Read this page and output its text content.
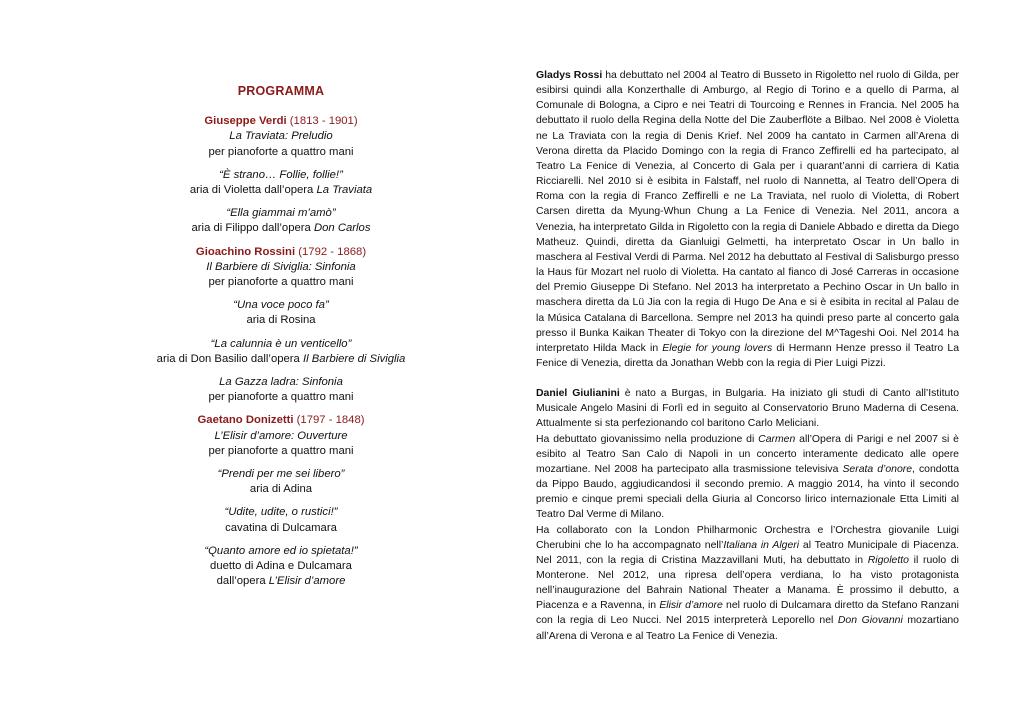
PROGRAMMA
Giuseppe Verdi (1813 - 1901)
La Traviata: Preludio
per pianoforte a quattro mani
“È strano… Follie, follie!”
aria di Violetta dall’opera La Traviata
“Ella giammai m’amò”
aria di Filippo dall’opera Don Carlos
Gioachino Rossini (1792 - 1868)
Il Barbiere di Siviglia: Sinfonia
per pianoforte a quattro mani
“Una voce poco fa”
aria di Rosina
“La calunnia è un venticello”
aria di Don Basilio dall’opera Il Barbiere di Siviglia
La Gazza ladra: Sinfonia
per pianoforte a quattro mani
Gaetano Donizetti (1797 - 1848)
L’Elisir d’amore: Ouverture
per pianoforte a quattro mani
“Prendi per me sei libero”
aria di Adina
“Udite, udite, o rustici!”
cavatina di Dulcamara
“Quanto amore ed io spietata!”
duetto di Adina e Dulcamara
dall’opera L’Elisir d’amore

Gladys Rossi ha debuttato nel 2004 al Teatro di Busseto in Rigoletto nel ruolo di Gilda, per esibirsi quindi alla Konzerthalle di Amburgo, al Regio di Torino e a quello di Parma, al Comunale di Bologna, a Cipro e nei Teatri di Tourcoing e Rennes in Francia. Nel 2005 ha debuttato il ruolo della Regina della Notte del Die Zauberflöte a Bilbao. Nel 2008 è Violetta ne La Traviata con la regia di Denis Krief. Nel 2009 ha cantato in Carmen all’Arena di Verona diretta da Placido Domingo con la regia di Franco Zeffirelli ed ha partecipato, al Teatro La Fenice di Venezia, al Concerto di Gala per i quarant’anni di carriera di Katia Ricciarelli. Nel 2010 si è esibita in Falstaff, nel ruolo di Nannetta, al Teatro dell’Opera di Roma con la regia di Franco Zeffirelli e ne La Traviata, nel ruolo di Violetta, di Robert Carsen diretta da Myung-Whun Chung a La Fenice di Venezia. Nel 2011, ancora a Venezia, ha interpretato Gilda in Rigoletto con la regia di Daniele Abbado e diretta da Diego Matheuz. Quindi, diretta da Gianluigi Gelmetti, ha interpretato Oscar in Un ballo in maschera al Festival Verdi di Parma. Nel 2012 ha debuttato al Festival di Salisburgo presso la Haus für Mozart nel ruolo di Violetta. Ha cantato al fianco di José Carreras in occasione del Premio Giuseppe Di Stefano. Nel 2013 ha interpretato a Pechino Oscar in Un ballo in maschera diretta da Lü Jia con la regia di Hugo De Ana e si è esibita in recital al Palau de la Música Catalana di Barcellona. Sempre nel 2013 ha quindi preso parte al concerto gala presso il Bunka Kaikan Theater di Tokyo con la direzione del M^Tageshi Ooi. Nel 2014 ha interpretato Hilda Mack in Elegie for young lovers di Hermann Henze presso il Teatro La Fenice di Venezia, diretta da Jonathan Webb con la regia di Pier Luigi Pizzi.

Daniel Giulianini è nato a Burgas, in Bulgaria. Ha iniziato gli studi di Canto all’Istituto Musicale Angelo Masini di Forlì ed in seguito al Conservatorio Bruno Maderna di Cesena. Attualmente si sta perfezionando col baritono Carlo Meliciani.

Ha debuttato giovanissimo nella produzione di Carmen all’Opera di Parigi e nel 2007 si è esibito al Teatro San Calo di Napoli in un concerto interamente dedicato alle opere mozartiane. Nel 2008 ha partecipato alla trasmissione televisiva Serata d’onore, condotta da Pippo Baudo, aggiudicandosi il secondo premio. A maggio 2014, ha vinto il secondo premio e cinque premi speciali della Giuria al Concorso lirico internazionale Etta Limiti al Teatro Dal Verme di Milano.

Ha collaborato con la London Philharmonic Orchestra e l’Orchestra giovanile Luigi Cherubini che lo ha accompagnato nell’Italiana in Algeri al Teatro Municipale di Piacenza. Nel 2011, con la regia di Cristina Mazzavillani Muti, ha debuttato in Rigoletto il ruolo di Monterone. Nel 2012, una ripresa dell’opera verdiana, lo ha visto protagonista nell’inaugurazione del Bahrain National Theater a Manama. È prossimo il debutto, a Piacenza e a Ravenna, in Elisir d’amore nel ruolo di Dulcamara diretto da Stefano Ranzani con la regia di Leo Nucci. Nel 2015 interpreterà Leporello nel Don Giovanni mozartiano all’Arena di Verona e al Teatro La Fenice di Venezia.
